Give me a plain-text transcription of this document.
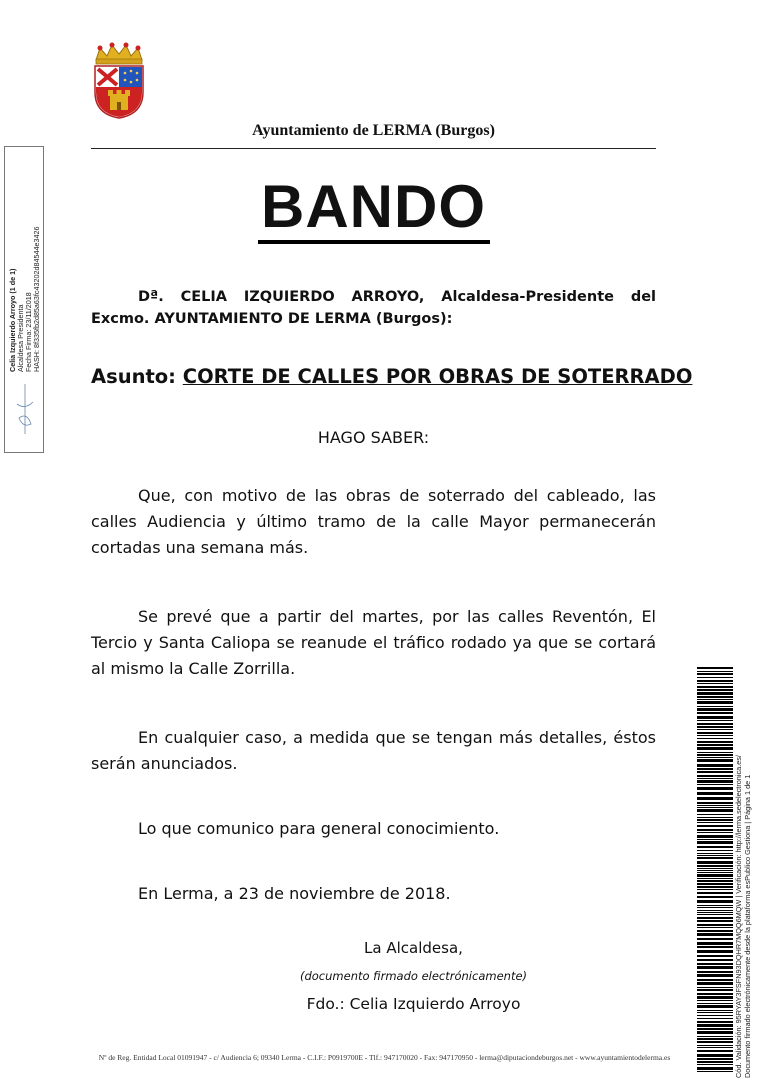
Ayuntamiento de LERMA (Burgos)
BANDO
Dª. CELIA IZQUIERDO ARROYO, Alcaldesa-Presidente del Excmo. AYUNTAMIENTO DE LERMA (Burgos):
Asunto: CORTE DE CALLES POR OBRAS DE SOTERRADO
HAGO SABER:
Que, con motivo de las obras de soterrado del cableado, las calles Audiencia y último tramo de la calle Mayor permanecerán cortadas una semana más.
Se prevé que a partir del martes, por las calles Reventón, El Tercio y Santa Caliopa se reanude el tráfico rodado ya que se cortará al mismo la Calle Zorrilla.
En cualquier caso, a medida que se tengan más detalles, éstos serán anunciados.
Lo que comunico para general conocimiento.
En Lerma, a 23 de noviembre de 2018.
La Alcaldesa,
(documento firmado electrónicamente)
Fdo.: Celia Izquierdo Arroyo
Nº de Reg. Entidad Local 01091947 - c/ Audiencia 6; 09340 Lerma - C.I.F.: P0919700E - Tlf.: 947170020 - Fax: 947170950 - lerma@diputaciondeburgos.net - www.ayuntamientodelerma.es
Celia Izquierdo Arroyo (1 de 1) Alcaldesa Presidenta Fecha Firma: 23/11/2018 HASH: 8f335fb2d85a63fc43202d84544e3426
Cód. Validación: 95RYAY3FSFN93DQHR7MQQ6MQW | Verificación: http://lerma.sedelectronica.es/ Documento firmado electrónicamente desde la plataforma esPublico Gestiona | Página 1 de 1
